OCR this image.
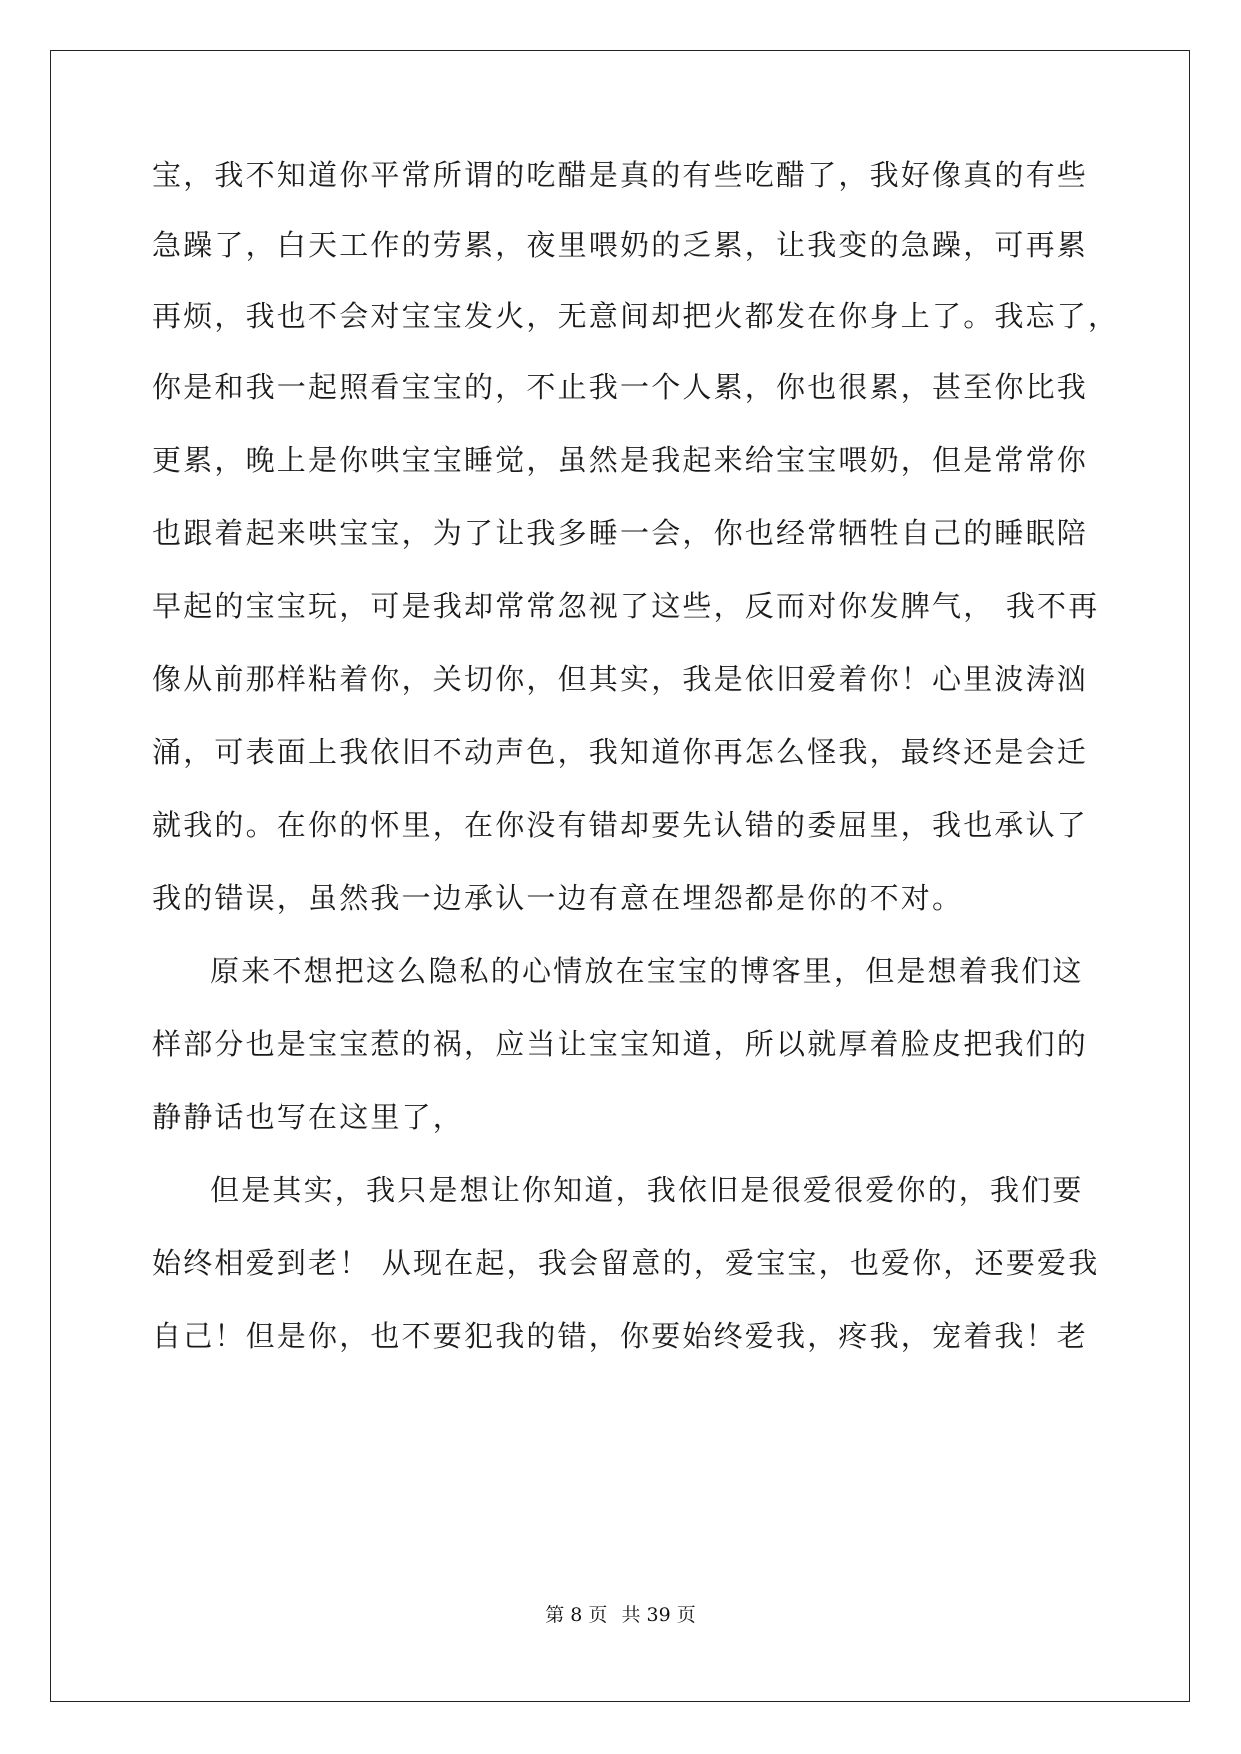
宝，我不知道你平常所谓的吃醋是真的有些吃醋了，我好像真的有些
急躁了，白天工作的劳累，夜里喂奶的乏累，让我变的急躁，可再累
再烦，我也不会对宝宝发火，无意间却把火都发在你身上了。我忘了，
你是和我一起照看宝宝的，不止我一个人累，你也很累，甚至你比我
更累，晚上是你哄宝宝睡觉，虽然是我起来给宝宝喂奶，但是常常你
也跟着起来哄宝宝，为了让我多睡一会，你也经常牺牲自己的睡眠陪
早起的宝宝玩，可是我却常常忽视了这些，反而对你发脾气， 我不再
像从前那样粘着你，关切你，但其实，我是依旧爱着你！心里波涛汹
涌，可表面上我依旧不动声色，我知道你再怎么怪我，最终还是会迁
就我的。在你的怀里，在你没有错却要先认错的委屈里，我也承认了
我的错误，虽然我一边承认一边有意在埋怨都是你的不对。
原来不想把这么隐私的心情放在宝宝的博客里，但是想着我们这
样部分也是宝宝惹的祸，应当让宝宝知道，所以就厚着脸皮把我们的
静静话也写在这里了，
但是其实，我只是想让你知道，我依旧是很爱很爱你的，我们要
始终相爱到老！ 从现在起，我会留意的，爱宝宝，也爱你，还要爱我
自己！但是你，也不要犯我的错，你要始终爱我，疼我，宠着我！老
第 8 页 共 39 页
